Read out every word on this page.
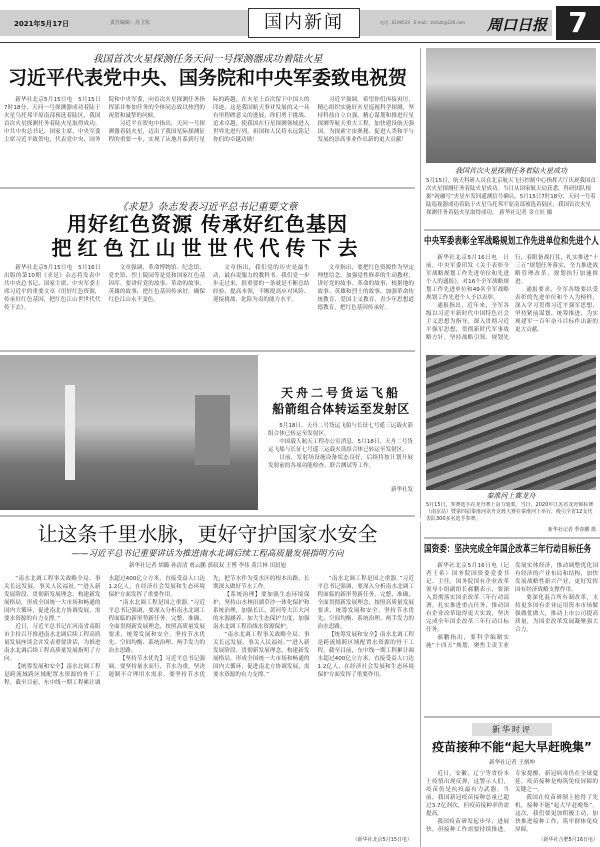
2021年5月17日	责任编辑：苏卫东	电话：8199533　E-mail：zkrbzb@126.com
国内新闻	周口日报 7
我国首次火星探测任务天问一号探测器成功着陆火星
习近平代表党中央、国务院和中央军委致电祝贺

新华社北京5月15日电　5月15日7时18分，天问一号探测器成功着陆于火星乌托邦平原南部预选着陆区，我国首次火星探测任务着陆火星取得成功。中共中央总书记、国家主席、中央军委主席习近平致贺电，代表党中央、国务院和中央军委，向首次火星探测任务指挥部并参加任务的全体同志致以热烈的祝贺和诚挚的问候。

习近平在贺电中指出，天问一号探测器着陆火星，迈出了我国星际探测征程的重要一步，实现了从地月系到行星际的跨越，在火星上首次留下中国人的印迹，这是我国航天事业发展的又一具有里程碑意义的进展。你们勇于挑战、追求卓越，使我国在行星探测领域进入世界先进行列，祖国和人民将永远铭记你们的卓越功勋！

习近平强调，希望你们再接再厉，精心组织实施好火星巡视科学探测，坚持科技自立自强，精心谋划和推进行星探测等航天重大工程，加快建设航天强国，为探索宇宙奥秘、促进人类和平与发展的崇高事业作出新的更大贡献！

我国首次火星探测任务着陆火星成功
5月15日，航天科研人员在北京航天飞行控制中心指挥大厅庆祝我国首次火星探测任务着陆火星成功。当日从国家航天局获悉，科研团队根据“祝融号”火星车发回遥测信号确认，5月15日7时18分，天问一号着陆巡视器成功着陆于火星乌托邦平原南部预选着陆区，我国首次火星探测任务着陆火星取得成功。 新华社记者 金立旺 摄
《求是》杂志发表习近平总书记重要文章
用好红色资源 传承好红色基因
把红色江山世世代代传下去

新华社北京5月15日电　5月16日出版的第10期《求是》杂志将发表中共中央总书记、国家主席、中央军委主席习近平的重要文章《用好红色资源，传承好红色基因，把红色江山世世代代传下去》。

文章强调，革命博物馆、纪念馆、党史馆、烈士陵园等是党和国家红色基因库。要讲好党的故事、革命的故事、英雄的故事，把红色基因传承好，确保红色江山永不变色。

文章指出，我们党的历史是最生动、最有说服力的教科书。我们党一步步走过来，很重要的一条就是不断总结经验、提高本领，不断提高应对风险、迎接挑战、化险为夷的能力水平。

文章指出，要把红色资源作为坚定理想信念、加强党性修养的生动教材，讲好党的故事、革命的故事、根据地的故事、英雄和烈士的故事，加强革命传统教育、爱国主义教育、青少年思想道德教育，把红色基因传承好。

天舟二号货运飞船
船箭组合体转运至发射区

5月18日，天舟二号货运飞船与长征七号遥三运载火箭组合体已转运至发射区。

中国载人航天工程办公室消息，5月18日，天舟二号货运飞船与长征七号遥三运载火箭组合体已转运至发射区。

目前，发射场设施设备状态良好，后续将按计划开展发射前的各项功能检查、联合测试等工作。

新华社发
让这条千里水脉，更好守护国家水安全
——习近平总书记重要讲话为推进南水北调后续工程高质量发展指明方向
新华社记者 胡璐 孙清清 贾云鹏 郭叔双 王博 李伟 黄江林 田晨旭

“南水北调工程事关战略全局、事关长远发展、事关人民福祉。”“进入新发展阶段、贯彻新发展理念、构建新发展格局，形成全国统一大市场和畅通的国内大循环，促进南北方协调发展，需要水资源的有力支撑。”

近日，习近平总书记在河南省南阳市主持召开推进南水北调后续工程高质量发展座谈会并发表重要讲话，为推进南水北调后续工程高质量发展指明了方向。

【统筹发展和安全】南水北调工程是跨流域跨区域配置水资源的骨干工程。截至目前，东中线一期工程累计调水超过400亿立方米，直接受益人口达1.2亿人，在经济社会发展和生态环境保护方面发挥了重要作用。

“南水北调工程是国之重器。”习近平总书记强调，要深入分析南水北调工程面临的新形势新任务，完整、准确、全面贯彻新发展理念，按照高质量发展要求，统筹发展和安全，坚持节水优先、空间均衡、系统治理、两手发力的治水思路。

【坚持节水优先】习近平总书记强调，要坚持量水而行、节水为重，坚决遏制不合理用水需求。要坚持节水优先，把节水作为受水区的根本出路，长期深入做好节水工作。

【系统治理】要加强生态环境保护，坚持山水林田湖草沙一体化保护和系统治理，加强长江、黄河等大江大河的水源涵养，加大生态保护力度，加强南水北调工程沿线水资源保护。

“南水北调工程事关战略全局、事关长远发展、事关人民福祉。”“进入新发展阶段、贯彻新发展理念、构建新发展格局，形成全国统一大市场和畅通的国内大循环，促进南北方协调发展，需要水资源的有力支撑。”

“南水北调工程是国之重器。”习近平总书记强调，要深入分析南水北调工程面临的新形势新任务，完整、准确、全面贯彻新发展理念，按照高质量发展要求，统筹发展和安全，坚持节水优先、空间均衡、系统治理、两手发力的治水思路。

【统筹发展和安全】南水北调工程是跨流域跨区域配置水资源的骨干工程。截至目前，东中线一期工程累计调水超过400亿立方米，直接受益人口达1.2亿人，在经济社会发展和生态环境保护方面发挥了重要作用。

（新华社北京5月15日电）
中央军委表彰全军战略规划工作先进单位和先进个人

新华社北京5月16日电　日前，中央军委印发《关于表彰全军战略规划工作先进单位和先进个人的通报》，对16个全军战略规划工作先进单位和49名全军战略规划工作先进个人予以表彰。

通报指出，近年来，全军各级以习近平新时代中国特色社会主义思想为指导，深入贯彻习近平强军思想，贯彻新时代军事战略方针，坚持战略引领、规划先行，着眼备战打仗，扎实推进“十三五”规划任务落实，全力推进战略管理改革，规划执行加速推进。

通报要求，全军各级要以受表彰的先进单位和个人为榜样，深入学习贯彻习近平强军思想，坚持紧前谋划、统筹推进，为实现建军一百年奋斗目标作出新的更大贡献。

秦淮河上赛龙舟
5月15日，参赛选手在龙舟赛上奋力划桨。当日，2020年江苏省龙舟锦标赛（南京站）暨第四届秦淮河龙舟竞渡大赛在秦淮河上举行，吸引全省12支代表队300多名选手参赛。
新华社记者 季春鹏 摄
国资委：坚决完成全年国企改革三年行动目标任务

新华社北京5月16日电（记者王希）国务院国资委党委书记、主任，国务院国有企业改革领导小组副组长郝鹏表示，要深入贯彻落实国企改革三年行动部署，扎实推进重点任务，推动国有企业改革取得更大实效，坚决完成全年国企改革三年行动目标任务。

郝鹏指出，要科学编制实施“十四五”规划，聚焦主责主业发展实体经济，推动调整优化国有经济的产业布局和结构，加快发展战略性新兴产业，更好发挥国有经济战略支撑作用。

要深化混合所有制改革，支持更多国有企业运用资本市场做强做优做大，推动上市公司提高质量，为国企改革发展凝聚强大合力。

新华时评
疫苗接种不能“起大早赶晚集”
新华社记者 王炳坤

近日，安徽、辽宁等省份本土疫情出现反弹，这警示人们，疫苗仍是抗疫最有力武器。当前，我国新冠疫苗接种总量已超过3.7亿剂次，但疫苗接种率仍需提高。

我国疫苗研发起步早、进展快，但接种工作需要持续推进。专家提醒，新冠病毒仍在全球蔓延，疫苗接种是构筑免疫屏障的关键之一。

我国在疫苗研制上抢得了先机，接种不能“起大早赶晚集”。这次，我们要更加积极主动，加快推进接种工作，筑牢群体免疫屏障。

（新华社合肥5月16日电）
